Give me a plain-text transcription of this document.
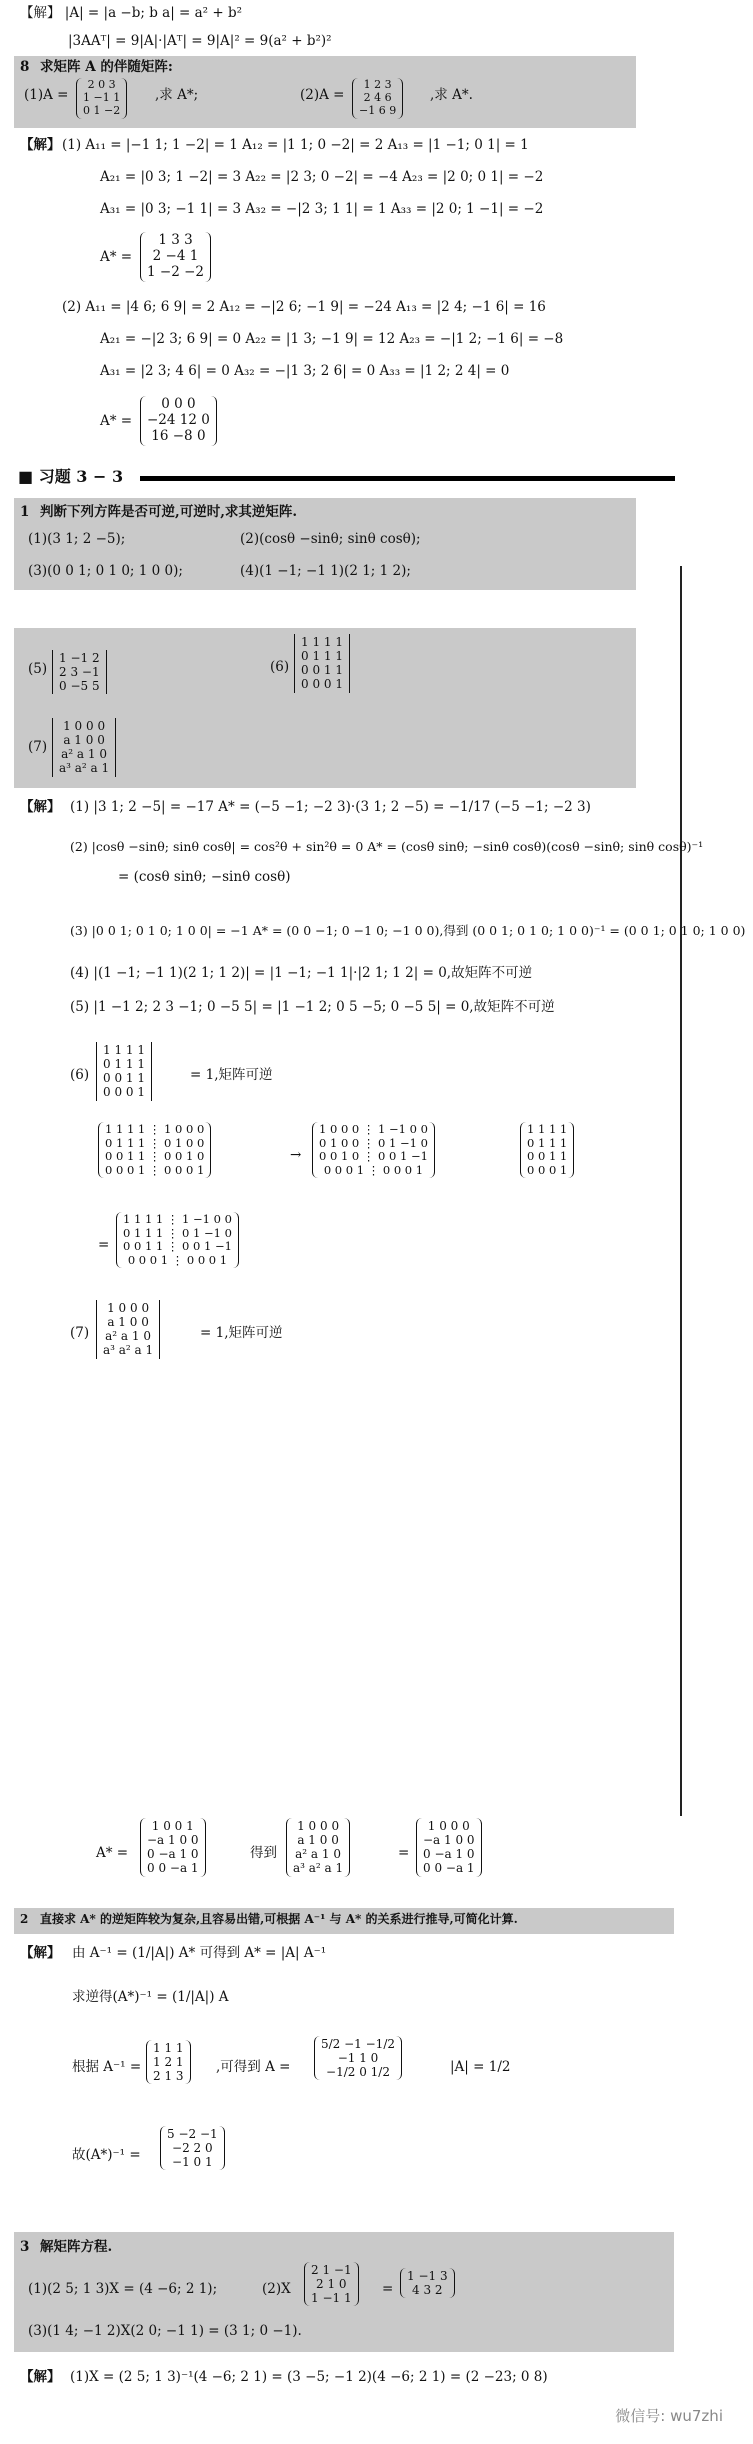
【解】 |A| = |a −b; b a| = a² + b²
|3AAᵀ| = 9|A|·|Aᵀ| = 9|A|² = 9(a² + b²)²
8 求矩阵 A 的伴随矩阵:
(1)A =
2 0 3
1 −1 1
0 1 −2
,求 A*;	(2)A =
1 2 3
2 4 6
−1 6 9
,求 A*.
【解】 (1) A₁₁ = |−1 1; 1 −2| = 1 A₁₂ = |1 1; 0 −2| = 2 A₁₃ = |1 −1; 0 1| = 1
A₂₁ = |0 3; 1 −2| = 3 A₂₂ = |2 3; 0 −2| = −4 A₂₃ = |2 0; 0 1| = −2
A₃₁ = |0 3; −1 1| = 3 A₃₂ = −|2 3; 1 1| = 1 A₃₃ = |2 0; 1 −1| = −2
A* =
1 3 3
2 −4 1
1 −2 −2
(2) A₁₁ = |4 6; 6 9| = 2 A₁₂ = −|2 6; −1 9| = −24 A₁₃ = |2 4; −1 6| = 16
A₂₁ = −|2 3; 6 9| = 0 A₂₂ = |1 3; −1 9| = 12 A₂₃ = −|1 2; −1 6| = −8
A₃₁ = |2 3; 4 6| = 0 A₃₂ = −|1 3; 2 6| = 0 A₃₃ = |1 2; 2 4| = 0
A* =
0 0 0
−24 12 0
16 −8 0
■ 习题 3 − 3
1 判断下列方阵是否可逆,可逆时,求其逆矩阵.
(1)(3 1; 2 −5);	(2)(cosθ −sinθ; sinθ cosθ);
(3)(0 0 1; 0 1 0; 1 0 0);	(4)(1 −1; −1 1)(2 1; 1 2);
(5)
1 −1 2
2 3 −1
0 −5 5
(6)
1 1 1 1
0 1 1 1
0 0 1 1
0 0 0 1
(7)
1 0 0 0
a 1 0 0
a² a 1 0
a³ a² a 1
【解】 (1) |3 1; 2 −5| = −17 A* = (−5 −1; −2 3)·(3 1; 2 −5) = −1/17 (−5 −1; −2 3)
(2) |cosθ −sinθ; sinθ cosθ| = cos²θ + sin²θ = 0 A* = (cosθ sinθ; −sinθ cosθ)(cosθ −sinθ; sinθ cosθ)⁻¹
= (cosθ sinθ; −sinθ cosθ)
(3) |0 0 1; 0 1 0; 1 0 0| = −1 A* = (0 0 −1; 0 −1 0; −1 0 0),得到 (0 0 1; 0 1 0; 1 0 0)⁻¹ = (0 0 1; 0 1 0; 1 0 0)
(4) |(1 −1; −1 1)(2 1; 1 2)| = |1 −1; −1 1|·|2 1; 1 2| = 0,故矩阵不可逆
(5) |1 −1 2; 2 3 −1; 0 −5 5| = |1 −1 2; 0 5 −5; 0 −5 5| = 0,故矩阵不可逆
(6)
1 1 1 1
0 1 1 1
0 0 1 1
0 0 0 1
= 1,矩阵可逆
1 1 1 1 ⋮ 1 0 0 0
0 1 1 1 ⋮ 0 1 0 0
0 0 1 1 ⋮ 0 0 1 0
0 0 0 1 ⋮ 0 0 0 1
→
1 0 0 0 ⋮ 1 −1 0 0
0 1 0 0 ⋮ 0 1 −1 0
0 0 1 0 ⋮ 0 0 1 −1
0 0 0 1 ⋮ 0 0 0 1
1 1 1 1
0 1 1 1
0 0 1 1
0 0 0 1
=
1 1 1 1 ⋮ 1 −1 0 0
0 1 1 1 ⋮ 0 1 −1 0
0 0 1 1 ⋮ 0 0 1 −1
0 0 0 1 ⋮ 0 0 0 1
(7)
1 0 0 0
a 1 0 0
a² a 1 0
a³ a² a 1
= 1,矩阵可逆
A* =
1 0 0 1
−a 1 0 0
0 −a 1 0
0 0 −a 1
得到
1 0 0 0
a 1 0 0
a² a 1 0
a³ a² a 1
=
1 0 0 0
−a 1 0 0
0 −a 1 0
0 0 −a 1
2 直接求 A* 的逆矩阵较为复杂,且容易出错,可根据 A⁻¹ 与 A* 的关系进行推导,可简化计算.
【解】 由 A⁻¹ = (1/|A|) A* 可得到 A* = |A| A⁻¹
求逆得(A*)⁻¹ = (1/|A|) A
根据 A⁻¹ =
1 1 1
1 2 1
2 1 3
,可得到 A =
5/2 −1 −1/2
−1 1 0
−1/2 0 1/2	|A| = 1/2
故(A*)⁻¹ =
5 −2 −1
−2 2 0
−1 0 1
3 解矩阵方程.
(1)(2 5; 1 3)X = (4 −6; 2 1);	(2)X
2 1 −1
2 1 0
1 −1 1
=
1 −1 3
4 3 2
(3)(1 4; −1 2)X(2 0; −1 1) = (3 1; 0 −1).
【解】 (1)X = (2 5; 1 3)⁻¹(4 −6; 2 1) = (3 −5; −1 2)(4 −6; 2 1) = (2 −23; 0 8)
微信号: wu7zhi
